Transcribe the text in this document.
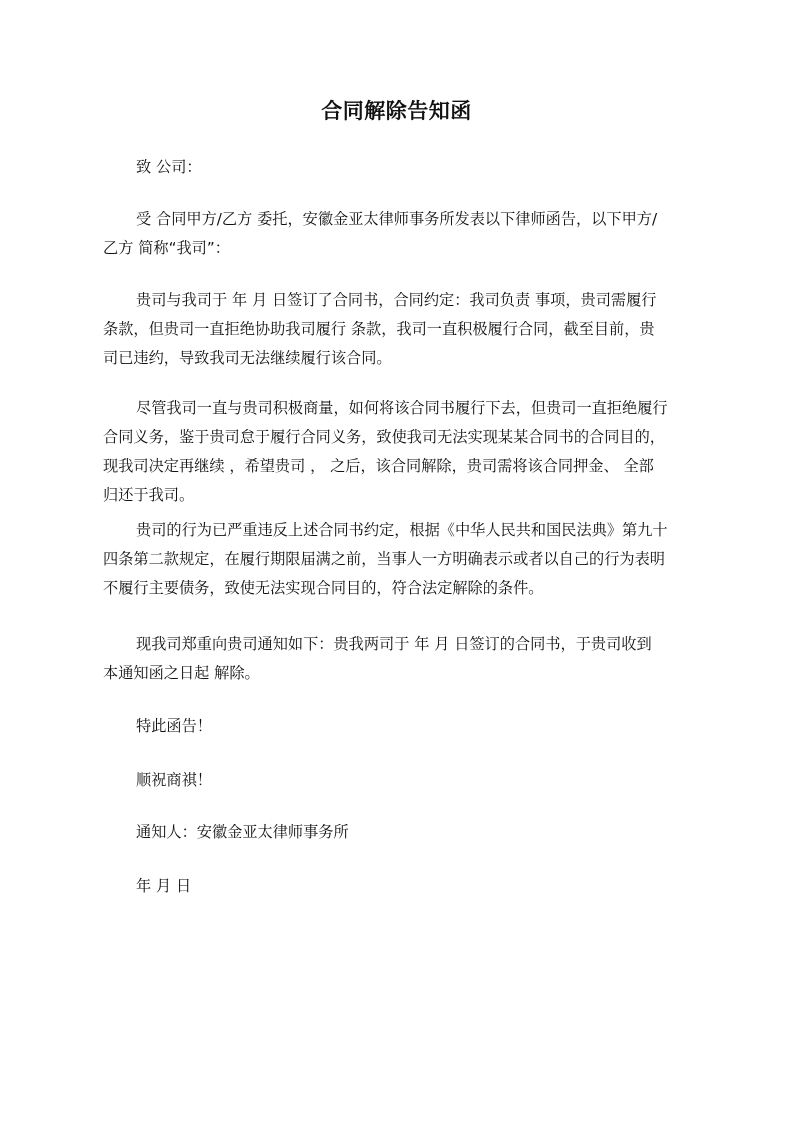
合同解除告知函

致 公司：

受 合同甲方/乙方 委托，安徽金亚太律师事务所发表以下律师函告，以下甲方/
乙方 简称“我司”：

贵司与我司于 年 月 日签订了合同书，合同约定：我司负责 事项，贵司需履行
条款，但贵司一直拒绝协助我司履行 条款，我司一直积极履行合同，截至目前，贵
司已违约，导致我司无法继续履行该合同。

尽管我司一直与贵司积极商量，如何将该合同书履行下去，但贵司一直拒绝履行
合同义务，鉴于贵司怠于履行合同义务，致使我司无法实现某某合同书的合同目的，
现我司决定再继续 ，希望贵司 ， 之后，该合同解除，贵司需将该合同押金、 全部
归还于我司。

贵司的行为已严重违反上述合同书约定，根据《中华人民共和国民法典》第九十
四条第二款规定，在履行期限届满之前，当事人一方明确表示或者以自己的行为表明
不履行主要债务，致使无法实现合同目的，符合法定解除的条件。

现我司郑重向贵司通知如下：贵我两司于 年 月 日签订的合同书，于贵司收到
本通知函之日起 解除。

特此函告！

顺祝商祺！

通知人：安徽金亚太律师事务所

年 月 日
